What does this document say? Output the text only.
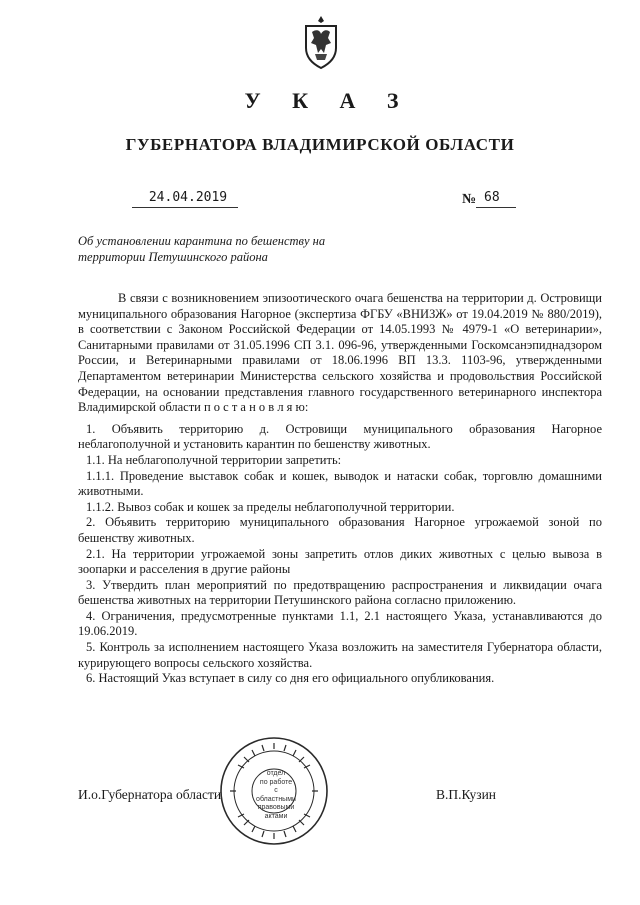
У К А З
ГУБЕРНАТОРА ВЛАДИМИРСКОЙ ОБЛАСТИ
24.04.2019	№ 68
Об установлении карантина по бешенству на территории Петушинского района

В связи с возникновением эпизоотического очага бешенства на территории д. Островищи муниципального образования Нагорное (экспертиза ФГБУ «ВНИЗЖ» от 19.04.2019 № 880/2019), в соответствии с Законом Российской Федерации от 14.05.1993 № 4979-1 «О ветеринарии», Санитарными правилами от 31.05.1996 СП 3.1. 096-96, утвержденными Госкомсанэпиднадзором России, и Ветеринарными правилами от 18.06.1996 ВП 13.3. 1103-96, утвержденными Департаментом ветеринарии Министерства сельского хозяйства и продовольствия Российской Федерации, на основании представления главного государственного ветеринарного инспектора Владимирской области п о с т а н о в л я ю:

1. Объявить территорию д. Островищи муниципального образования Нагорное неблагополучной и установить карантин по бешенству животных.

1.1. На неблагополучной территории запретить:

1.1.1. Проведение выставок собак и кошек, выводок и натаски собак, торговлю домашними животными.

1.1.2. Вывоз собак и кошек за пределы неблагополучной территории.

2. Объявить территорию муниципального образования Нагорное угрожаемой зоной по бешенству животных.

2.1. На территории угрожаемой зоны запретить отлов диких животных с целью вывоза в зоопарки и расселения в другие районы

3. Утвердить план мероприятий по предотвращению распространения и ликвидации очага бешенства животных на территории Петушинского района согласно приложению.

4. Ограничения, предусмотренные пунктами 1.1, 2.1 настоящего Указа, устанавливаются до 19.06.2019.

5. Контроль за исполнением настоящего Указа возложить на заместителя Губернатора области, курирующего вопросы сельского хозяйства.

6. Настоящий Указ вступает в силу со дня его официального опубликования.

И.о.Губернатора области	В.П.Кузин
отдел
по работе
с областными
правовыми
актами
